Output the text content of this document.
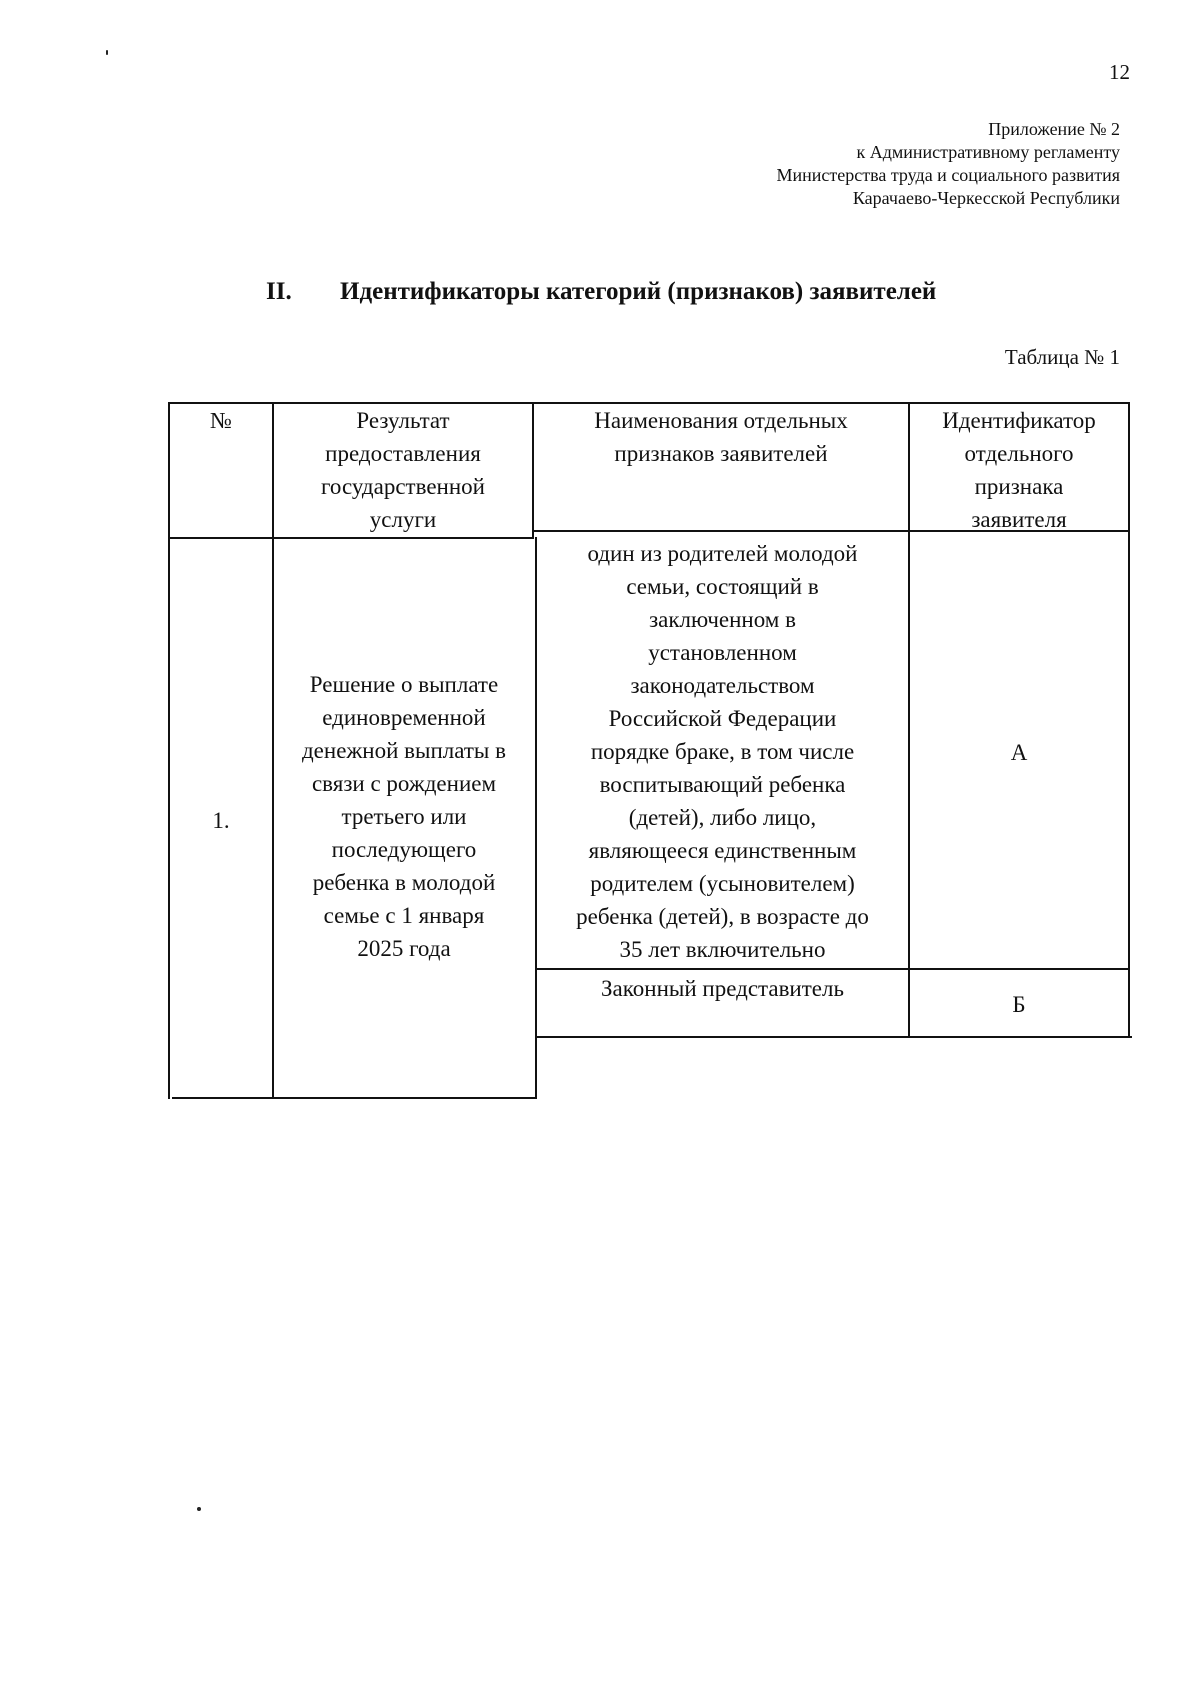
12
Приложение № 2
к Административному регламенту
Министерства труда и социального развития
Карачаево-Черкесской Республики
II. Идентификаторы категорий (признаков) заявителей
Таблица № 1
№	Результат
предоставления
государственной
услуги
Наименования отдельных
признаков заявителей
Идентификатор
отдельного
признака
заявителя
1.
Решение о выплате
единовременной
денежной выплаты в
связи с рождением
третьего или
последующего
ребенка в молодой
семье с 1 января
2025 года
один из родителей молодой
семьи, состоящий в
заключенном в
установленном
законодательством
Российской Федерации
порядке браке, в том числе
воспитывающий ребенка
(детей), либо лицо,
являющееся единственным
родителем (усыновителем)
ребенка (детей), в возрасте до
35 лет включительно
А
Законный представитель
Б
